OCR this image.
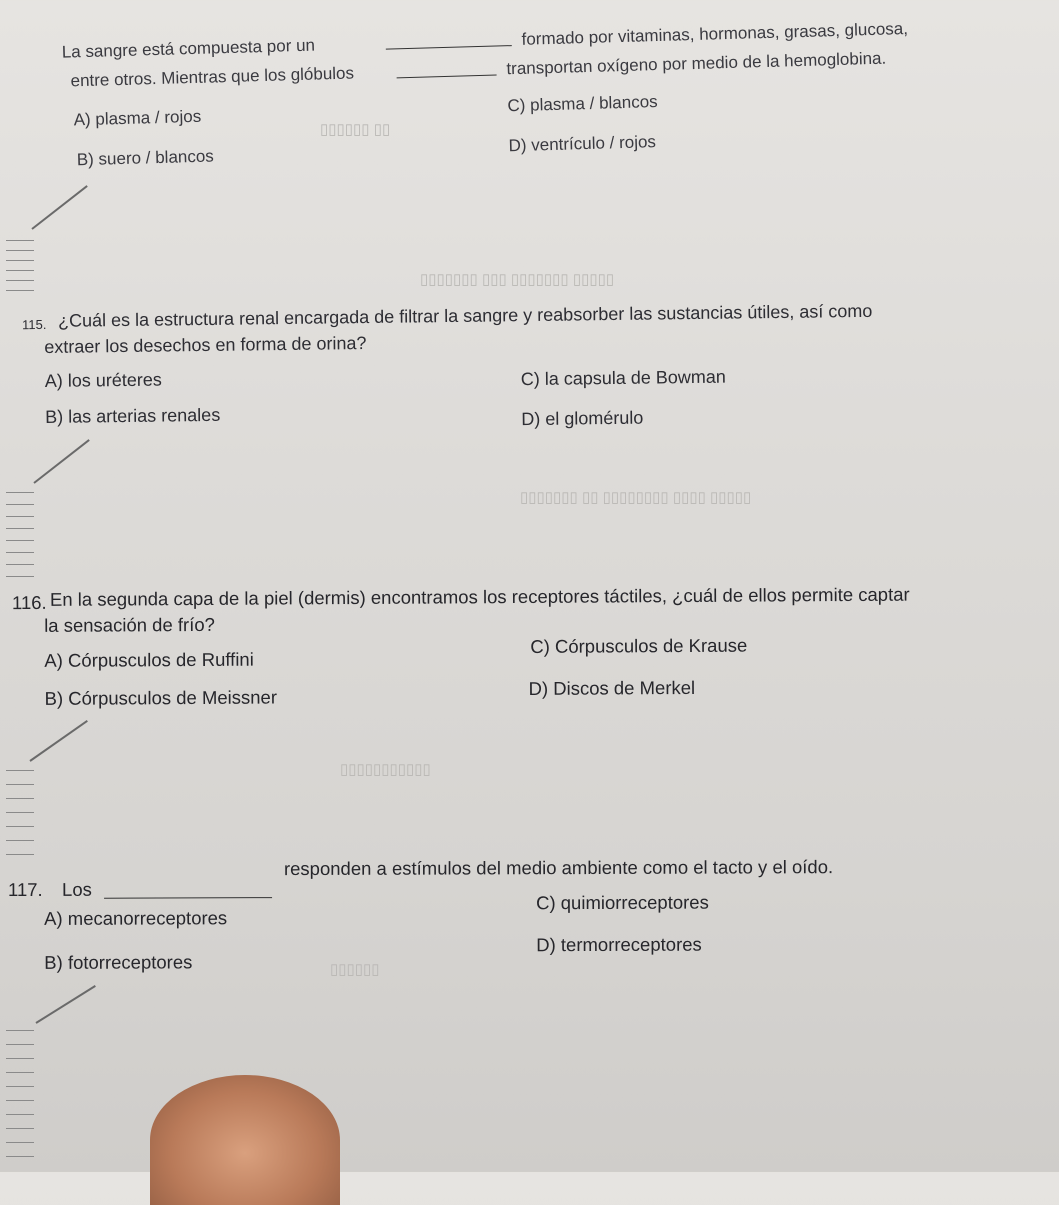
▯▯▯▯▯▯ ▯▯
▯▯▯▯▯▯▯ ▯▯▯ ▯▯▯▯▯▯▯ ▯▯▯▯▯
▯▯▯▯▯▯▯ ▯▯ ▯▯▯▯▯▯▯▯ ▯▯▯▯ ▯▯▯▯▯
▯▯▯▯▯▯▯▯▯▯▯
▯▯▯▯▯▯
La sangre está compuesta por un	formado por vitaminas, hormonas, grasas, glucosa,
entre otros. Mientras que los glóbulos	transportan oxígeno por medio de la hemoglobina.
A) plasma / rojos
B) suero / blancos
C) plasma / blancos
D) ventrículo / rojos
115. ¿Cuál es la estructura renal encargada de filtrar la sangre y reabsorber las sustancias útiles, así como
extraer los desechos en forma de orina?
A) los uréteres
B) las arterias renales
C) la capsula de Bowman
D) el glomérulo
116. En la segunda capa de la piel (dermis) encontramos los receptores táctiles, ¿cuál de ellos permite captar
la sensación de frío?
A) Córpusculos de Ruffini
B) Córpusculos de Meissner
C) Córpusculos de Krause
D) Discos de Merkel
117. Los
responden a estímulos del medio ambiente como el tacto y el oído.
A) mecanorreceptores
B) fotorreceptores
C) quimiorreceptores
D) termorreceptores
